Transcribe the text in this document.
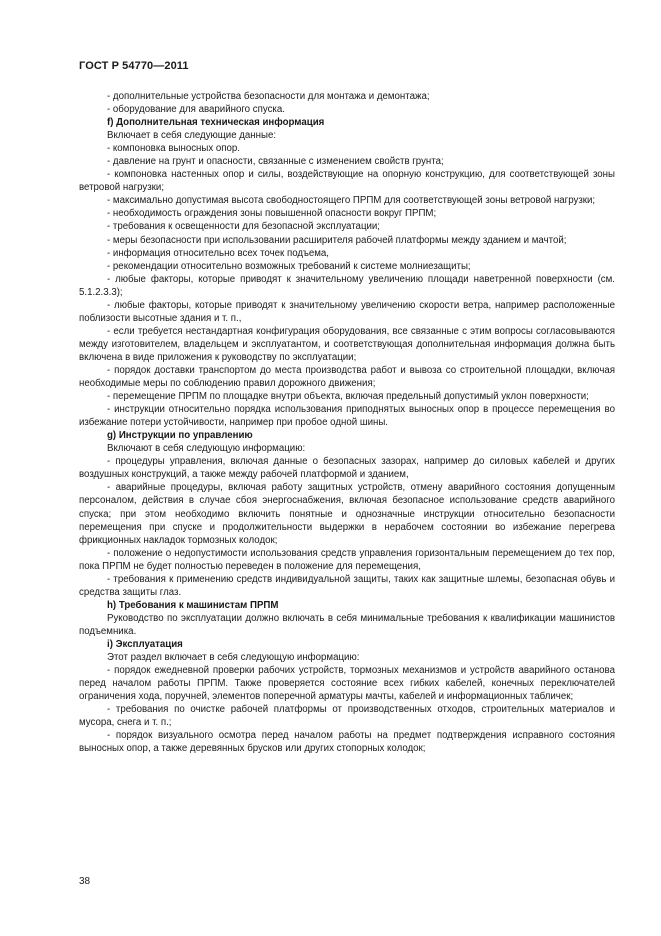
ГОСТ Р 54770—2011

- дополнительные устройства безопасности для монтажа и демонтажа;

- оборудование для аварийного спуска.

f) Дополнительная техническая информация

Включает в себя следующие данные:

- компоновка выносных опор.

- давление на грунт и опасности, связанные с изменением свойств грунта;

- компоновка настенных опор и силы, воздействующие на опорную конструкцию, для соответствующей зоны ветровой нагрузки;

- максимально допустимая высота свободностоящего ПРПМ для соответствующей зоны ветровой нагрузки;

- необходимость ограждения зоны повышенной опасности вокруг ПРПМ;

- требования к освещенности для безопасной эксплуатации;

- меры безопасности при использовании расширителя рабочей платформы между зданием и мачтой;

- информация относительно всех точек подъема,

- рекомендации относительно возможных требований к системе молниезащиты;

- любые факторы, которые приводят к значительному увеличению площади наветренной поверхности (см. 5.1.2.3.3);

- любые факторы, которые приводят к значительному увеличению скорости ветра, например расположенные поблизости высотные здания и т. п.,

- если требуется нестандартная конфигурация оборудования, все связанные с этим вопросы согласовываются между изготовителем, владельцем и эксплуатантом, и соответствующая дополнительная информация должна быть включена в виде приложения к руководству по эксплуатации;

- порядок доставки транспортом до места производства работ и вывоза со строительной площадки, включая необходимые меры по соблюдению правил дорожного движения;

- перемещение ПРПМ по площадке внутри объекта, включая предельный допустимый уклон поверхности;

- инструкции относительно порядка использования приподнятых выносных опор в процессе перемещения во избежание потери устойчивости, например при пробое одной шины.

g) Инструкции по управлению

Включают в себя следующую информацию:

- процедуры управления, включая данные о безопасных зазорах, например до силовых кабелей и других воздушных конструкций, а также между рабочей платформой и зданием,

- аварийные процедуры, включая работу защитных устройств, отмену аварийного состояния допущенным персоналом, действия в случае сбоя энергоснабжения, включая безопасное использование средств аварийного спуска; при этом необходимо включить понятные и однозначные инструкции относительно безопасности перемещения при спуске и продолжительности выдержки в нерабочем состоянии во избежание перегрева фрикционных накладок тормозных колодок;

- положение о недопустимости использования средств управления горизонтальным перемещением до тех пор, пока ПРПМ не будет полностью переведен в положение для перемещения,

- требования к применению средств индивидуальной защиты, таких как защитные шлемы, безопасная обувь и средства защиты глаз.

h) Требования к машинистам ПРПМ

Руководство по эксплуатации должно включать в себя минимальные требования к квалификации машинистов подъемника.

i) Эксплуатация

Этот раздел включает в себя следующую информацию:

- порядок ежедневной проверки рабочих устройств, тормозных механизмов и устройств аварийного останова перед началом работы ПРПМ. Также проверяется состояние всех гибких кабелей, конечных переключателей ограничения хода, поручней, элементов поперечной арматуры мачты, кабелей и информационных табличек;

- требования по очистке рабочей платформы от производственных отходов, строительных материалов и мусора, снега и т. п.;

- порядок визуального осмотра перед началом работы на предмет подтверждения исправного состояния выносных опор, а также деревянных брусков или других стопорных колодок;

38
